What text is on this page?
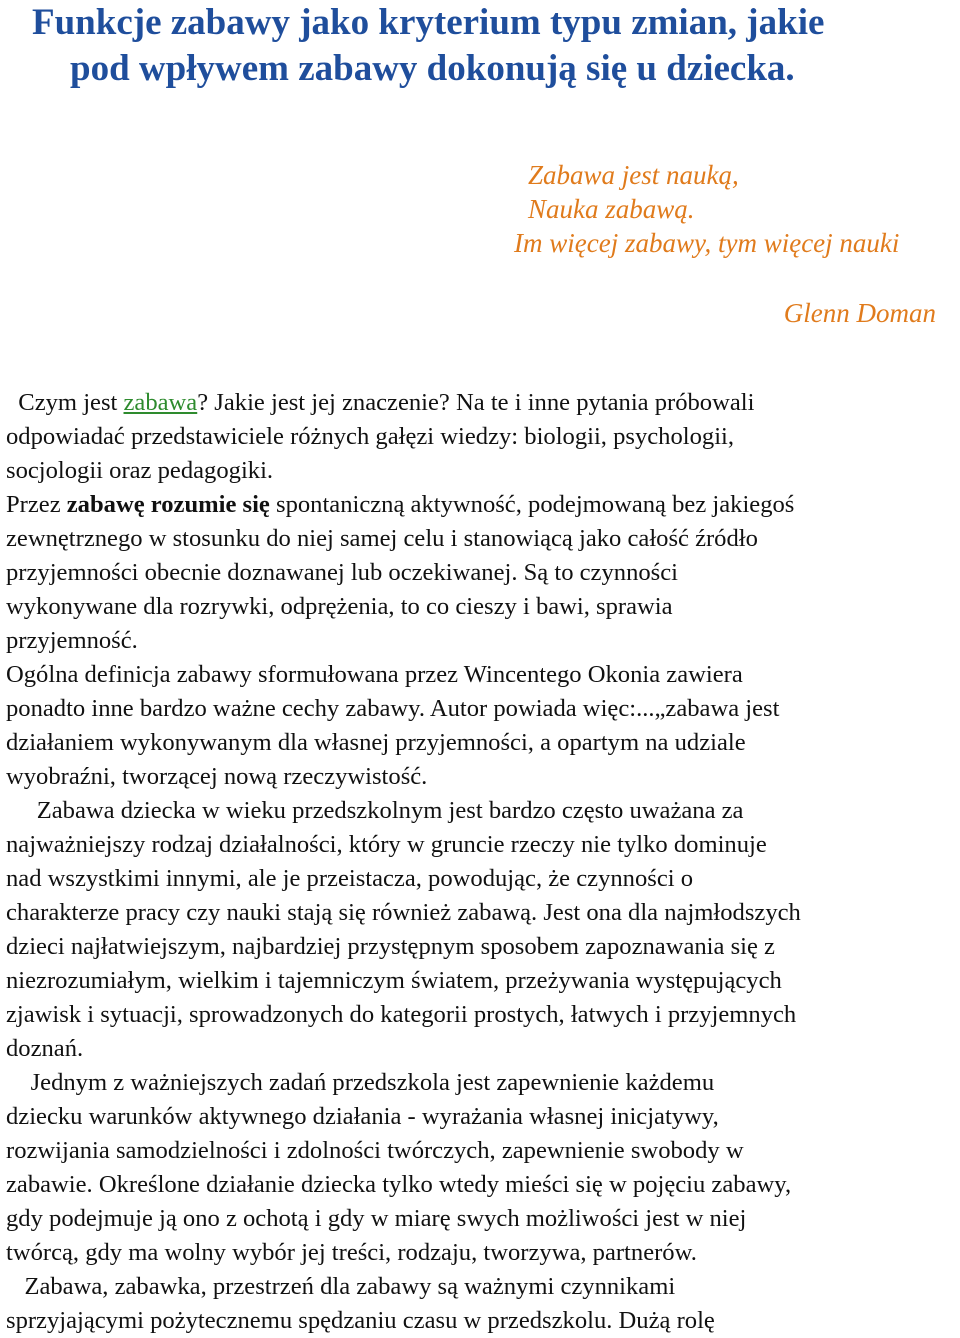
Funkcje zabawy jako kryterium typu zmian, jakie
pod wpływem zabawy dokonują się u dziecka.
Zabawa jest nauką,
Nauka zabawą.
Im więcej zabawy, tym więcej nauki
Glenn Doman
Czym jest zabawa? Jakie jest jej znaczenie? Na te i inne pytania próbowali
odpowiadać przedstawiciele różnych gałęzi wiedzy: biologii, psychologii,
socjologii oraz pedagogiki.
Przez zabawę rozumie się spontaniczną aktywność, podejmowaną bez jakiegoś
zewnętrznego w stosunku do niej samej celu i stanowiącą jako całość źródło
przyjemności obecnie doznawanej lub oczekiwanej. Są to czynności
wykonywane dla rozrywki, odprężenia, to co cieszy i bawi, sprawia
przyjemność.
Ogólna definicja zabawy sformułowana przez Wincentego Okonia zawiera
ponadto inne bardzo ważne cechy zabawy. Autor powiada więc:...„zabawa jest
działaniem wykonywanym dla własnej przyjemności, a opartym na udziale
wyobraźni, tworzącej nową rzeczywistość.
Zabawa dziecka w wieku przedszkolnym jest bardzo często uważana za
najważniejszy rodzaj działalności, który w gruncie rzeczy nie tylko dominuje
nad wszystkimi innymi, ale je przeistacza, powodując, że czynności o
charakterze pracy czy nauki stają się również zabawą. Jest ona dla najmłodszych
dzieci najłatwiejszym, najbardziej przystępnym sposobem zapoznawania się z
niezrozumiałym, wielkim i tajemniczym światem, przeżywania występujących
zjawisk i sytuacji, sprowadzonych do kategorii prostych, łatwych i przyjemnych
doznań.
Jednym z ważniejszych zadań przedszkola jest zapewnienie każdemu
dziecku warunków aktywnego działania - wyrażania własnej inicjatywy,
rozwijania samodzielności i zdolności twórczych, zapewnienie swobody w
zabawie. Określone działanie dziecka tylko wtedy mieści się w pojęciu zabawy,
gdy podejmuje ją ono z ochotą i gdy w miarę swych możliwości jest w niej
twórcą, gdy ma wolny wybór jej treści, rodzaju, tworzywa, partnerów.
Zabawa, zabawka, przestrzeń dla zabawy są ważnymi czynnikami
sprzyjającymi pożytecznemu spędzaniu czasu w przedszkolu. Dużą rolę
